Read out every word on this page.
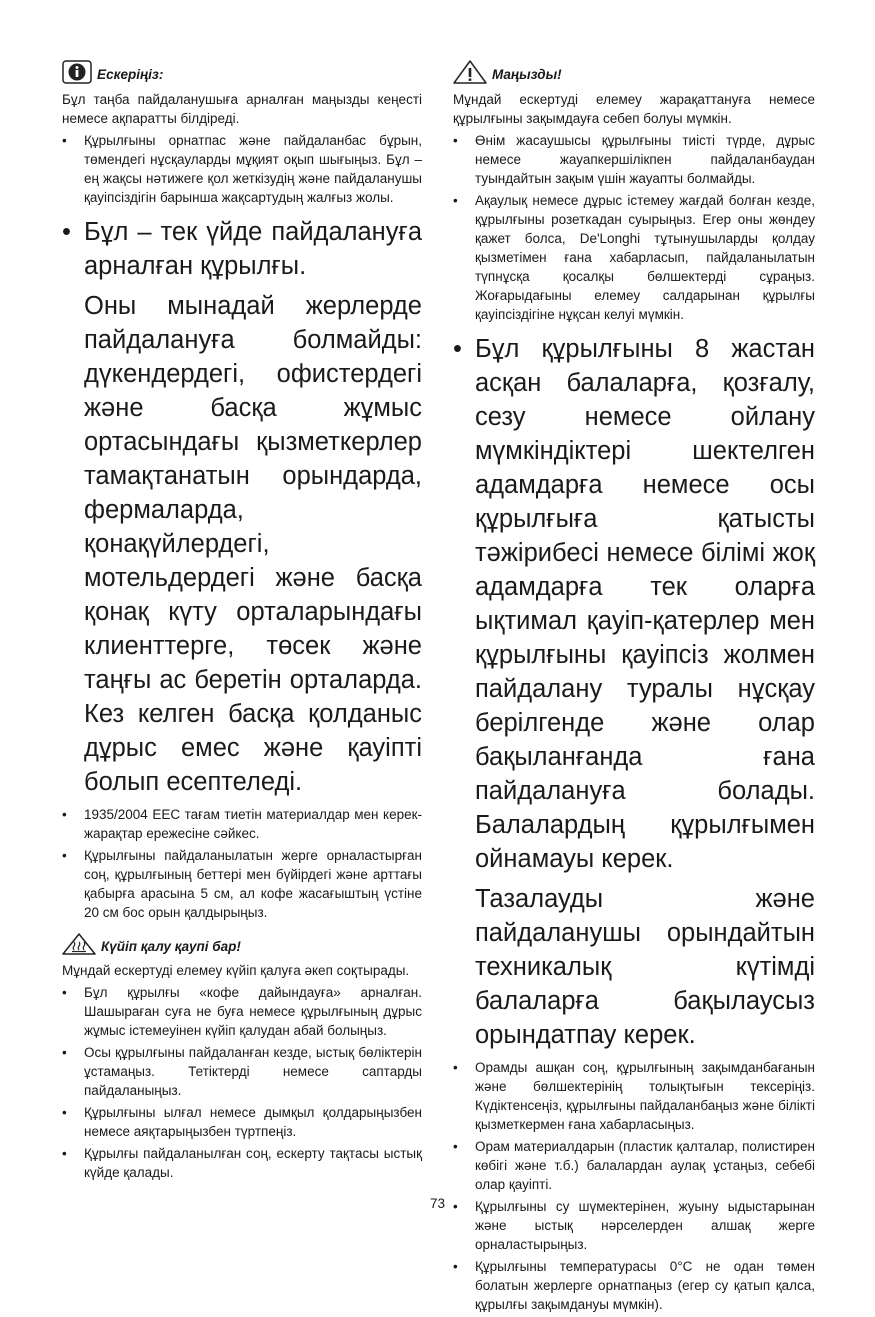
Ескеріңіз:

Бұл таңба пайдаланушыға арналған маңызды кеңесті немесе ақпаратты білдіреді.

• Құрылғыны орнатпас және пайдаланбас бұрын, төмендегі нұсқауларды мұқият оқып шығыңыз. Бұл – ең жақсы нәтижеге қол жеткізудің және пайдаланушы қауіпсіздігін барынша жақсартудың жалғыз жолы.

• Бұл – тек үйде пайдалануға арналған құрылғы.

Оны мынадай жерлерде пайдалануға болмайды: дүкендердегі, офистердегі және басқа жұмыс ортасындағы қызметкерлер тамақтанатын орындарда, фермаларда, қонақүйлердегі, мотельдердегі және басқа қонақ күту орталарындағы клиенттерге, төсек және таңғы ас беретін орталарда. Кез келген басқа қолданыс дұрыс емес және қауіпті болып есептеледі.

• 1935/2004 EEC тағам тиетін материалдар мен керек-жарақтар ережесіне сәйкес.
• Құрылғыны пайдаланылатын жерге орналастырған соң, құрылғының беттері мен бүйірдегі және арттағы қабырға арасына 5 см, ал кофе жасағыштың үстіне 20 см бос орын қалдырыңыз.
Күйіп қалу қаупі бар!

Мұндай ескертуді елемеу күйіп қалуға әкеп соқтырады.

• Бұл құрылғы «кофе дайындауға» арналған. Шашыраған суға не буға немесе құрылғының дұрыс жұмыс істемеуінен күйіп қалудан абай болыңыз.
• Осы құрылғыны пайдаланған кезде, ыстық бөліктерін ұстамаңыз. Тетіктерді немесе саптарды пайдаланыңыз.
• Құрылғыны ылғал немесе дымқыл қолдарыңызбен немесе аяқтарыңызбен түртпеңіз.
• Құрылғы пайдаланылған соң, ескерту тақтасы ыстық күйде қалады.
Маңызды!

Мұндай ескертуді елемеу жарақаттануға немесе құрылғыны зақымдауға себеп болуы мүмкін.

• Өнім жасаушысы құрылғыны тиісті түрде, дұрыс немесе жауапкершілікпен пайдаланбаудан туындайтын зақым үшін жауапты болмайды.
• Ақаулық немесе дұрыс істемеу жағдай болған кезде, құрылғыны розеткадан суырыңыз. Егер оны жөндеу қажет болса, De'Longhi тұтынушыларды қолдау қызметімен ғана хабарласып, пайдаланылатын түпнұсқа қосалқы бөлшектерді сұраңыз. Жоғарыдағыны елемеу салдарынан құрылғы қауіпсіздігіне нұқсан келуі мүмкін.

• Бұл құрылғыны 8 жастан асқан балаларға, қозғалу, сезу немесе ойлану мүмкіндіктері шектелген адамдарға немесе осы құрылғыға қатысты тәжірибесі немесе білімі жоқ адамдарға тек оларға ықтимал қауіп-қатерлер мен құрылғыны қауіпсіз жолмен пайдалану туралы нұсқау берілгенде және олар бақыланғанда ғана пайдалануға болады. Балалардың құрылғымен ойнамауы керек.

Тазалауды және пайдаланушы орындайтын техникалық күтімді балаларға бақылаусыз орындатпау керек.

• Орамды ашқан соң, құрылғының зақымданбағанын және бөлшектерінің толықтығын тексеріңіз. Күдіктенсеңіз, құрылғыны пайдаланбаңыз және білікті қызметкермен ғана хабарласыңыз.
• Орам материалдарын (пластик қалталар, полистирен көбігі және т.б.) балалардан аулақ ұстаңыз, себебі олар қауіпті.
• Құрылғыны су шүмектерінен, жуыну ыдыстарынан және ыстық нәрселерден алшақ жерге орналастырыңыз.
• Құрылғыны температурасы 0°C не одан төмен болатын жерлерге орнатпаңыз (егер су қатып қалса, құрылғы зақымдануы мүмкін).
73
